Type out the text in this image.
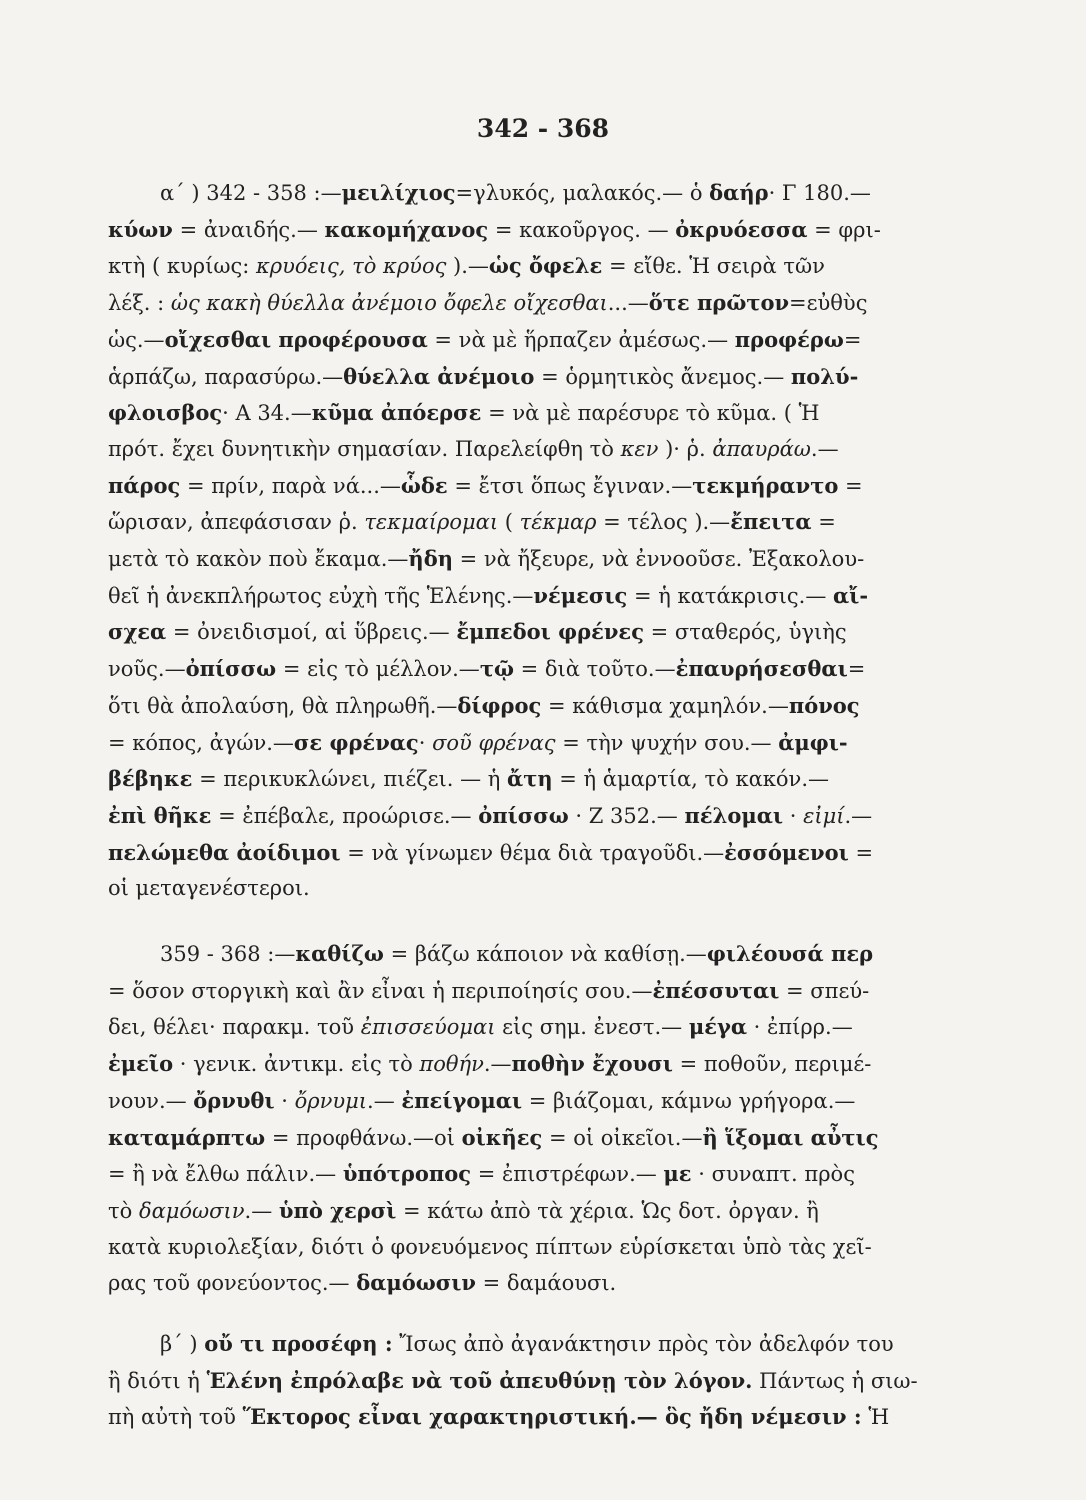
342 - 368
α΄ ) 342 - 358 :—μειλίχιος=γλυκός, μαλακός.— ὁ δαήρ· Γ 180.—
κύων = ἀναιδής.— κακομήχανος = κακοῦργος. — ὀκρυόεσσα = φρι-
κτὴ ( κυρίως: κρυόεις, τὸ κρύος ).—ὡς ὄφελε = εἴθε. Ἡ σειρὰ τῶν
λέξ. : ὡς κακὴ θύελλα ἀνέμοιο ὄφελε οἴχεσθαι...—ὅτε πρῶτον=εὐθὺς
ὡς.—οἴχεσθαι προφέρουσα = νὰ μὲ ἥρπαζεν ἀμέσως.— προφέρω=
ἁρπάζω, παρασύρω.—θύελλα ἀνέμοιο = ὁρμητικὸς ἄνεμος.— πολύ-
φλοισβος· Α 34.—κῦμα ἀπόερσε = νὰ μὲ παρέσυρε τὸ κῦμα. ( Ἡ
πρότ. ἔχει δυνητικὴν σημασίαν. Παρελείφθη τὸ κεν )· ῥ. ἀπαυράω.—
πάρος = πρίν, παρὰ νά...—ὧδε = ἔτσι ὅπως ἔγιναν.—τεκμήραντο =
ὥρισαν, ἀπεφάσισαν ῥ. τεκμαίρομαι ( τέκμαρ = τέλος ).—ἔπειτα =
μετὰ τὸ κακὸν ποὺ ἔκαμα.—ἤδη = νὰ ἤξευρε, νὰ ἐννοοῦσε. Ἐξακολου-
θεῖ ἡ ἀνεκπλήρωτος εὐχὴ τῆς Ἑλένης.—νέμεσις = ἡ κατάκρισις.— αἴ-
σχεα = ὀνειδισμοί, αἱ ὕβρεις.— ἔμπεδοι φρένες = σταθερός, ὑγιὴς
νοῦς.—ὀπίσσω = εἰς τὸ μέλλον.—τῷ = διὰ τοῦτο.—ἐπαυρήσεσθαι=
ὅτι θὰ ἀπολαύση, θὰ πληρωθῆ.—δίφρος = κάθισμα χαμηλόν.—πόνος
= κόπος, ἀγών.—σε φρένας· σοῦ φρένας = τὴν ψυχήν σου.— ἀμφι-
βέβηκε = περικυκλώνει, πιέζει. — ἡ ἄτη = ἡ ἁμαρτία, τὸ κακόν.—
ἐπὶ θῆκε = ἐπέβαλε, προώρισε.— ὀπίσσω · Ζ 352.— πέλομαι · εἰμί.—
πελώμεθα ἀοίδιμοι = νὰ γίνωμεν θέμα διὰ τραγοῦδι.—ἐσσόμενοι =
οἱ μεταγενέστεροι.
359 - 368 :—καθίζω = βάζω κάποιον νὰ καθίσῃ.—φιλέουσά περ
= ὅσον στοργικὴ καὶ ἂν εἶναι ἡ περιποίησίς σου.—ἐπέσσυται = σπεύ-
δει, θέλει· παρακμ. τοῦ ἐπισσεύομαι εἰς σημ. ἐνεστ.— μέγα · ἐπίρρ.—
ἐμεῖο · γενικ. ἀντικμ. εἰς τὸ ποθήν.—ποθὴν ἔχουσι = ποθοῦν, περιμέ-
νουν.— ὄρνυθι · ὄρνυμι.— ἐπείγομαι = βιάζομαι, κάμνω γρήγορα.—
καταμάρπτω = προφθάνω.—οἱ οἰκῆες = οἱ οἰκεῖοι.—ἢ ἵξομαι αὖτις
= ἢ νὰ ἔλθω πάλιν.— ὑπότροπος = ἐπιστρέφων.— με · συναπτ. πρὸς
τὸ δαμόωσιν.— ὑπὸ χερσὶ = κάτω ἀπὸ τὰ χέρια. Ὡς δοτ. ὀργαν. ἢ
κατὰ κυριολεξίαν, διότι ὁ φονευόμενος πίπτων εὑρίσκεται ὑπὸ τὰς χεῖ-
ρας τοῦ φονεύοντος.— δαμόωσιν = δαμάουσι.
β΄ ) οὔ τι προσέφη : Ἴσως ἀπὸ ἀγανάκτησιν πρὸς τὸν ἀδελφόν του
ἢ διότι ἡ Ἑλένη ἐπρόλαβε νὰ τοῦ ἀπευθύνῃ τὸν λόγον. Πάντως ἡ σιω-
πὴ αὐτὴ τοῦ Ἕκτορος εἶναι χαρακτηριστική.— ὃς ἤδη νέμεσιν : Ἡ
